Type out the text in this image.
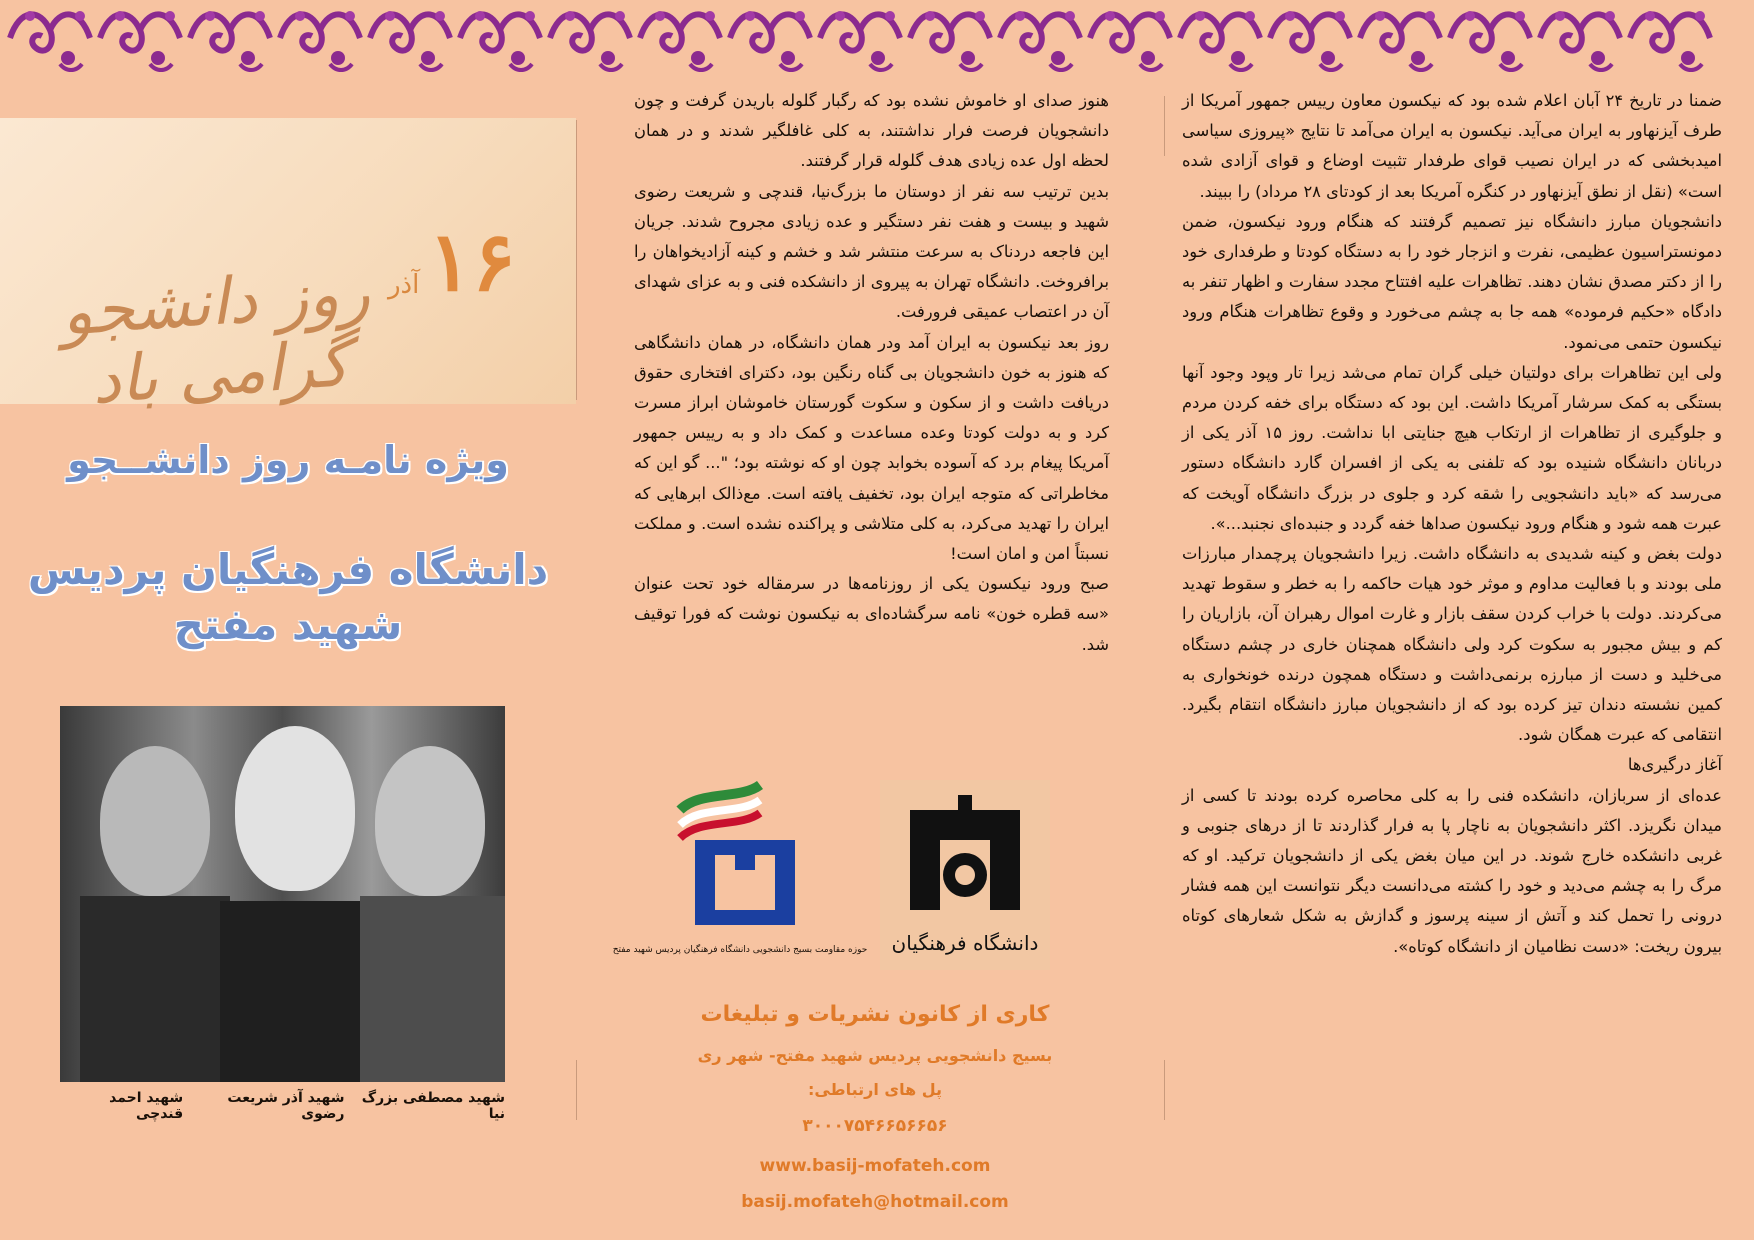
ضمنا در تاریخ ۲۴ آبان اعلام شده بود که نیکسون معاون رییس جمهور آمریکا از طرف آیزنهاور به ایران می‌آید. نیکسون به ایران می‌آمد تا نتایج «پیروزی سیاسی امیدبخشی که در ایران نصیب قوای طرفدار تثبیت اوضاع و قوای آزادی شده است» (نقل از نطق آیزنهاور در کنگره آمریکا بعد از کودتای ۲۸ مرداد) را ببیند.

دانشجویان مبارز دانشگاه نیز تصمیم گرفتند که هنگام ورود نیکسون، ضمن دمونستراسیون عظیمی، نفرت و انزجار خود را به دستگاه کودتا و طرفداری خود را از دکتر مصدق نشان دهند. تظاهرات علیه افتتاح مجدد سفارت و اظهار تنفر به دادگاه «حکیم فرموده» همه جا به چشم می‌خورد و وقوع تظاهرات هنگام ورود نیکسون حتمی می‌نمود.

ولی این تظاهرات برای دولتیان خیلی گران تمام می‌شد زیرا تار وپود وجود آنها بستگی به کمک سرشار آمریکا داشت. این بود که دستگاه برای خفه کردن مردم و جلوگیری از تظاهرات از ارتکاب هیچ جنایتی ابا نداشت. روز ۱۵ آذر یکی از دربانان دانشگاه شنیده بود که تلفنی به یکی از افسران گارد دانشگاه دستور می‌رسد که «باید دانشجویی را شقه کرد و جلوی در بزرگ دانشگاه آویخت که عبرت همه شود و هنگام ورود نیکسون صداها خفه گردد و جنبده‌ای نجنبد...».

دولت بغض و کینه شدیدی به دانشگاه داشت. زیرا دانشجویان پرچمدار مبارزات ملی بودند و با فعالیت مداوم و موثر خود هیات حاکمه را به خطر و سقوط تهدید می‌کردند. دولت با خراب کردن سقف بازار و غارت اموال رهبران آن، بازاریان را کم و بیش مجبور به سکوت کرد ولی دانشگاه همچنان خاری در چشم دستگاه می‌خلید و دست از مبارزه برنمی‌داشت و دستگاه همچون درنده خونخواری به کمین نشسته دندان تیز کرده بود که از دانشجویان مبارز دانشگاه انتقام بگیرد. انتقامی که عبرت همگان شود.

آغاز درگیری‌ها

عده‌ای از سربازان، دانشکده فنی را به کلی محاصره کرده بودند تا کسی از میدان نگریزد. اکثر دانشجویان به ناچار پا به فرار گذاردند تا از درهای جنوبی و غربی دانشکده خارج شوند. در این میان بغض یکی از دانشجویان ترکید. او که مرگ را به چشم می‌دید و خود را کشته می‌دانست دیگر نتوانست این همه فشار درونی را تحمل کند و آتش از سینه پرسوز و گدازش به شکل شعارهای کوتاه بیرون ریخت: «دست نظامیان از دانشگاه کوتاه».

هنوز صدای او خاموش نشده بود که رگبار گلوله باریدن گرفت و چون دانشجویان فرصت فرار نداشتند، به کلی غافلگیر شدند و در همان لحظه اول عده زیادی هدف گلوله قرار گرفتند.

بدین ترتیب سه نفر از دوستان ما بزرگ‌نیا، قندچی و شریعت رضوی شهید و بیست و هفت نفر دستگیر و عده زیادی مجروح شدند. جریان این فاجعه دردناک به سرعت منتشر شد و خشم و کینه آزادیخواهان را برافروخت. دانشگاه تهران به پیروی از دانشکده فنی و به عزای شهدای آن در اعتصاب عمیقی فرورفت.

روز بعد نیکسون به ایران آمد ودر همان دانشگاه، در همان دانشگاهی که هنوز به خون دانشجویان بی گناه رنگین بود، دکترای افتخاری حقوق دریافت داشت و از سکون و سکوت گورستان خاموشان ابراز مسرت کرد و به دولت کودتا وعده مساعدت و کمک داد و به رییس جمهور آمریکا پیغام برد که آسوده بخوابد چون او که نوشته بود؛ "... گو این که مخاطراتی که متوجه ایران بود، تخفیف یافته است. مع‌ذالک ابرهایی که ایران را تهدید می‌کرد، به کلی متلاشی و پراکنده نشده است. و مملکت نسبتاً امن و امان است!

صبح ورود نیکسون یکی از روزنامه‌ها در سرمقاله خود تحت عنوان «سه قطره خون» نامه سرگشاده‌ای به نیکسون نوشت که فورا توقیف شد.

۱۶
آذر
روز دانشجو گرامی باد
ویژه نامـه روز دانشــجو
دانشگاه فرهنگیان پردیس
شهید مفتح
شهید مصطفی بزرگ نیا
شهید آذر شریعت رضوی
شهید احمد قندچی
حوزه مقاومت بسیج دانشجویی دانشگاه فرهنگیان پردیس شهید مفتح دانشگاه فرهنگیان
کاری از کانون نشریات و تبلیغات
بسیج دانشجویی پردیس شهید مفتح- شهر ری
پل های ارتباطی:
۳۰۰۰۷۵۴۶۶۵۶۶۵۶
www.basij-mofateh.com
basij.mofateh@hotmail.com
